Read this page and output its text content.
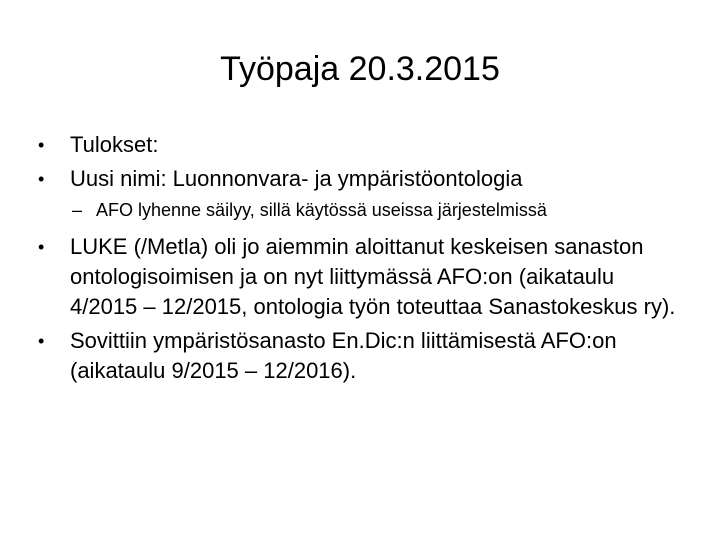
Työpaja 20.3.2015
• Tulokset:
• Uusi nimi: Luonnonvara- ja ympäristöontologia
– AFO lyhenne säilyy, sillä käytössä useissa järjestelmissä
• LUKE (/Metla) oli jo aiemmin aloittanut keskeisen sanaston ontologisoimisen ja on nyt liittymässä AFO:on (aikataulu 4/2015 – 12/2015, ontologia työn toteuttaa Sanastokeskus ry).
• Sovittiin ympäristösanasto En.Dic:n liittämisestä AFO:on (aikataulu 9/2015 – 12/2016).
